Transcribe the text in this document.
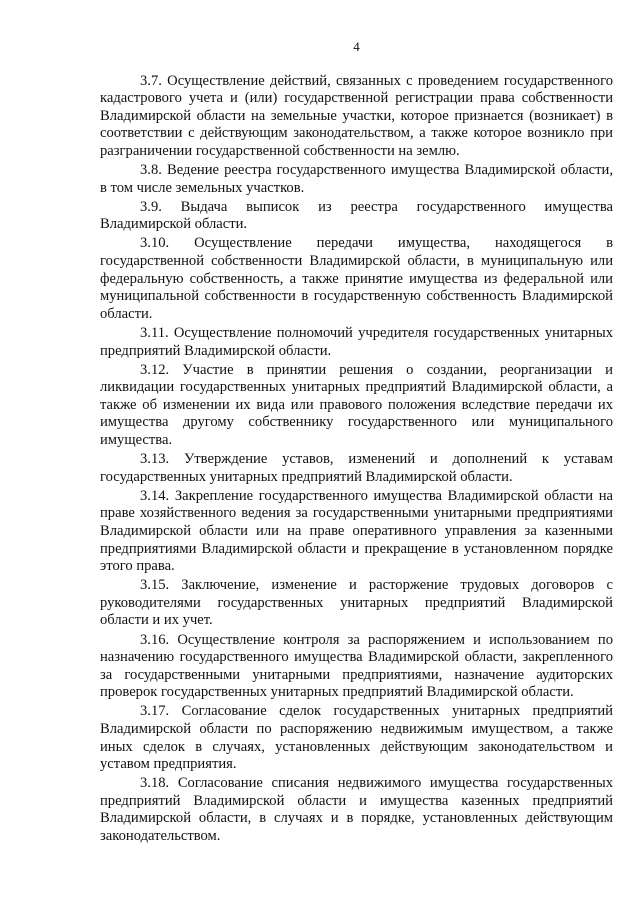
4

3.7. Осуществление действий, связанных с проведением государственного кадастрового учета и (или) государственной регистрации права собственности Владимирской области на земельные участки, которое признается (возникает) в соответствии с действующим законодательством, а также которое возникло при разграничении государственной собственности на землю.

3.8. Ведение реестра государственного имущества Владимирской области, в том числе земельных участков.

3.9. Выдача выписок из реестра государственного имущества Владимирской области.

3.10. Осуществление передачи имущества, находящегося в государственной собственности Владимирской области, в муниципальную или федеральную собственность, а также принятие имущества из федеральной или муниципальной собственности в государственную собственность Владимирской области.

3.11. Осуществление полномочий учредителя государственных унитарных предприятий Владимирской области.

3.12. Участие в принятии решения о создании, реорганизации и ликвидации государственных унитарных предприятий Владимирской области, а также об изменении их вида или правового положения вследствие передачи их имущества другому собственнику государственного или муниципального имущества.

3.13. Утверждение уставов, изменений и дополнений к уставам государственных унитарных предприятий Владимирской области.

3.14. Закрепление государственного имущества Владимирской области на праве хозяйственного ведения за государственными унитарными предприятиями Владимирской области или на праве оперативного управления за казенными предприятиями Владимирской области и прекращение в установленном порядке этого права.

3.15. Заключение, изменение и расторжение трудовых договоров с руководителями государственных унитарных предприятий Владимирской области и их учет.

3.16. Осуществление контроля за распоряжением и использованием по назначению государственного имущества Владимирской области, закрепленного за государственными унитарными предприятиями, назначение аудиторских проверок государственных унитарных предприятий Владимирской области.

3.17. Согласование сделок государственных унитарных предприятий Владимирской области по распоряжению недвижимым имуществом, а также иных сделок в случаях, установленных действующим законодательством и уставом предприятия.

3.18. Согласование списания недвижимого имущества государственных предприятий Владимирской области и имущества казенных предприятий Владимирской области, в случаях и в порядке, установленных действующим законодательством.
